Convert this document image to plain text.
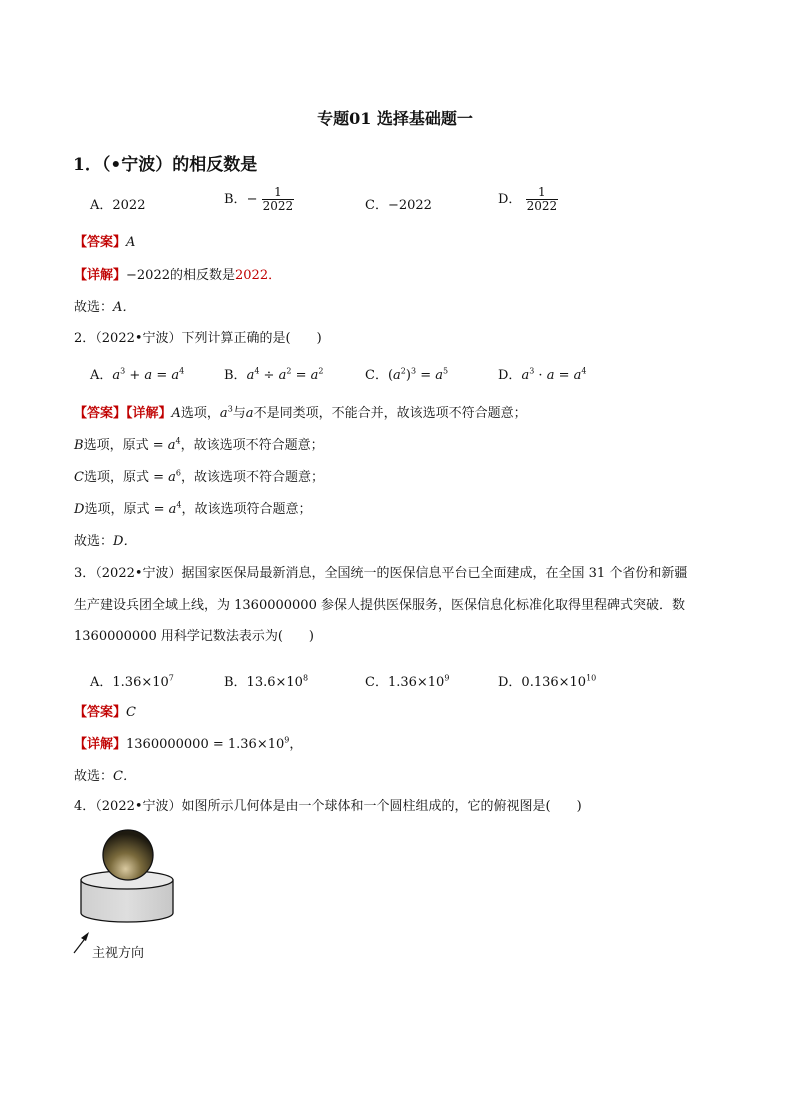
专题01 选择基础题一
1．（•宁波）的相反数是
A．2022	B．− $\frac{1}{2022}$	C．−2022	D． $\frac{1}{2022}$
【答案】A
【详解】−2022的相反数是2022．
故选：A．
2．（2022•宁波）下列计算正确的是(　　)
A．$a^3 + a = a^4$	B．$a^4 \div a^2 = a^2$	C．$(a^2)^3 = a^5$	D．$a^3 \cdot a = a^4$
【答案】【详解】A选项，$a^3$与a不是同类项，不能合并，故该选项不符合题意；
B选项，原式 = $a^4$，故该选项不符合题意；
C选项，原式 = $a^6$，故该选项不符合题意；
D选项，原式 = $a^4$，故该选项符合题意；
故选：D．
3．（2022•宁波）据国家医保局最新消息，全国统一的医保信息平台已全面建成，在全国 31 个省份和新疆
生产建设兵团全域上线，为 1360000000 参保人提供医保服务，医保信息化标准化取得里程碑式突破．数
1360000000 用科学记数法表示为(　　)
A．$1.36\times 10^7$	B．$13.6\times 10^8$	C．$1.36\times 10^9$	D．$0.136\times 10^{10}$
【答案】C
【详解】$1360000000 = 1.36\times 10^9$，
故选：C．
4．（2022•宁波）如图所示几何体是由一个球体和一个圆柱组成的，它的俯视图是(　　)
主视方向
